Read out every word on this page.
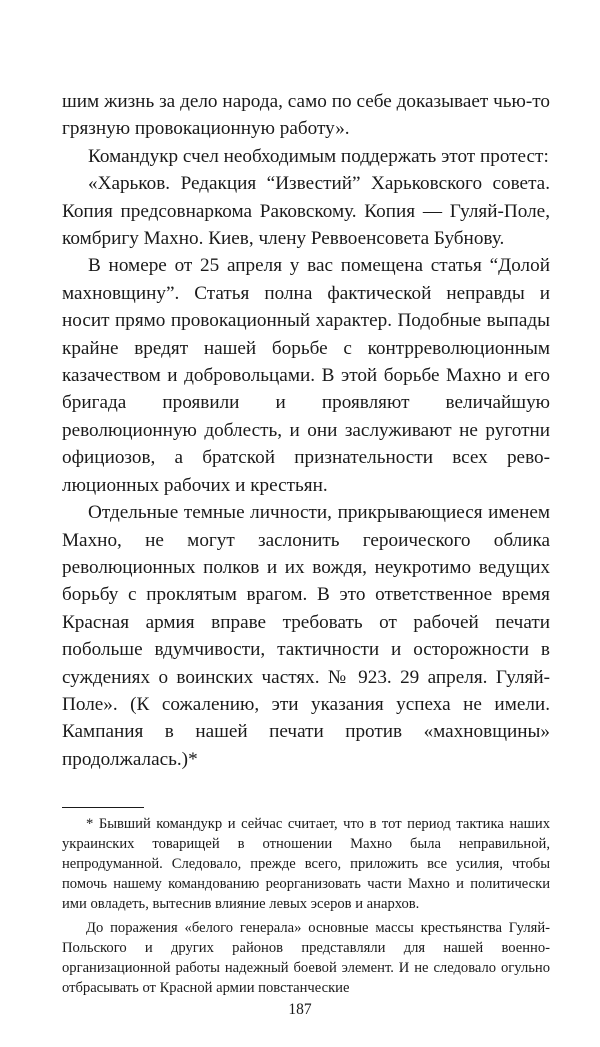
шим жизнь за дело народа, само по себе доказывает чью-то грязную провокационную работу».

Командукр счел необходимым поддержать этот протест:

«Харьков. Редакция “Известий” Харьковского совета. Копия предсовнаркома Раковскому. Копия — Гуляй-Поле, комбригу Махно. Киев, члену Реввоенсовета Бубнову.

В номере от 25 апреля у вас помещена статья “Долой махновщину”. Статья полна фактической неправды и носит прямо провокационный характер. Подобные выпады крайне вредят нашей борьбе с контрреволюционным казачеством и добровольцами. В этой борьбе Махно и его бригада проявили и проявляют величайшую революционную доблесть, и они заслуживают не руготни официозов, а братской признательности всех революционных рабочих и крестьян.

Отдельные темные личности, прикрывающиеся именем Махно, не могут заслонить героического облика революционных полков и их вождя, неукротимо ведущих борьбу с проклятым врагом. В это ответственное время Красная армия вправе требовать от рабочей печати побольше вдумчивости, тактичности и осторожности в суждениях о воинских частях. № 923. 29 апреля. Гуляй-Поле». (К сожалению, эти указания успеха не имели. Кампания в нашей печати против «махновщины» продолжалась.)*

* Бывший командукр и сейчас считает, что в тот период тактика наших украинских товарищей в отношении Махно была неправильной, непродуманной. Следовало, прежде всего, приложить все усилия, чтобы помочь нашему командованию реорганизовать части Махно и политически ими овладеть, вытеснив влияние левых эсеров и анархов.

До поражения «белого генерала» основные массы крестьянства Гуляй-Польского и других районов представляли для нашей военно-организационной работы надежный боевой элемент. И не следовало огульно отбрасывать от Красной армии повстанческие

187
